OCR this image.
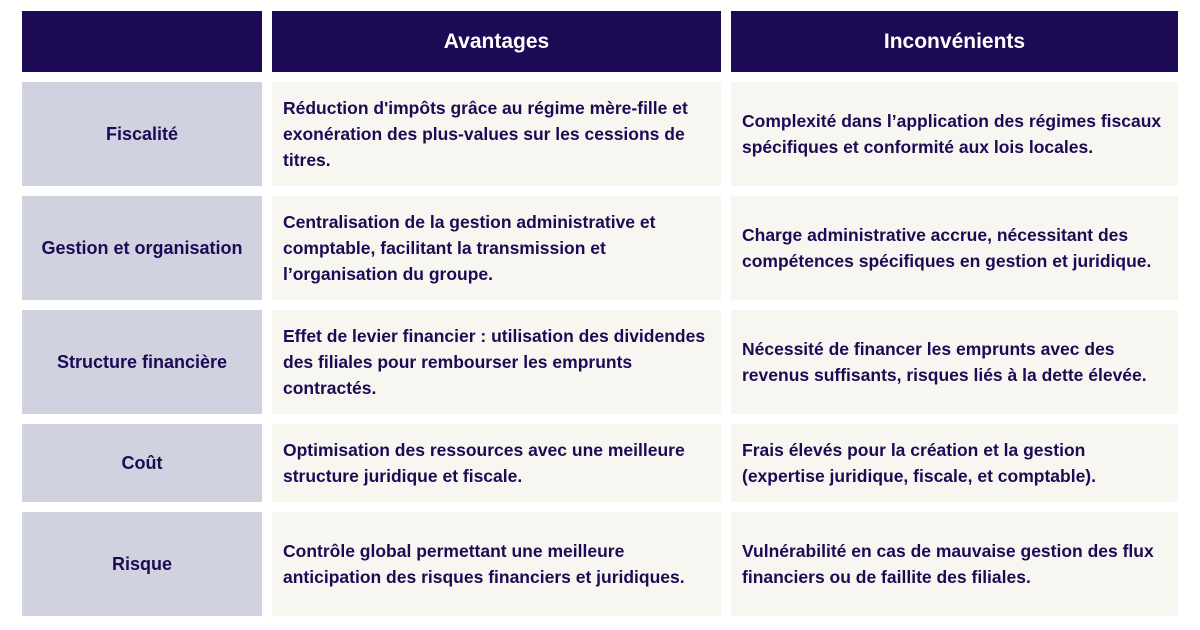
Avantages	Inconvénients
Fiscalité
Réduction d'impôts grâce au régime mère-fille et exonération des plus-values sur les cessions de titres.
Complexité dans l’application des régimes fiscaux spécifiques et conformité aux lois locales.
Gestion et organisation
Centralisation de la gestion administrative et comptable, facilitant la transmission et l’organisation du groupe.
Charge administrative accrue, nécessitant des compétences spécifiques en gestion et juridique.
Structure financière
Effet de levier financier : utilisation des dividendes des filiales pour rembourser les emprunts contractés.
Nécessité de financer les emprunts avec des revenus suffisants, risques liés à la dette élevée.
Coût
Optimisation des ressources avec une meilleure structure juridique et fiscale.
Frais élevés pour la création et la gestion (expertise juridique, fiscale, et comptable).
Risque
Contrôle global permettant une meilleure anticipation des risques financiers et juridiques.
Vulnérabilité en cas de mauvaise gestion des flux financiers ou de faillite des filiales.
